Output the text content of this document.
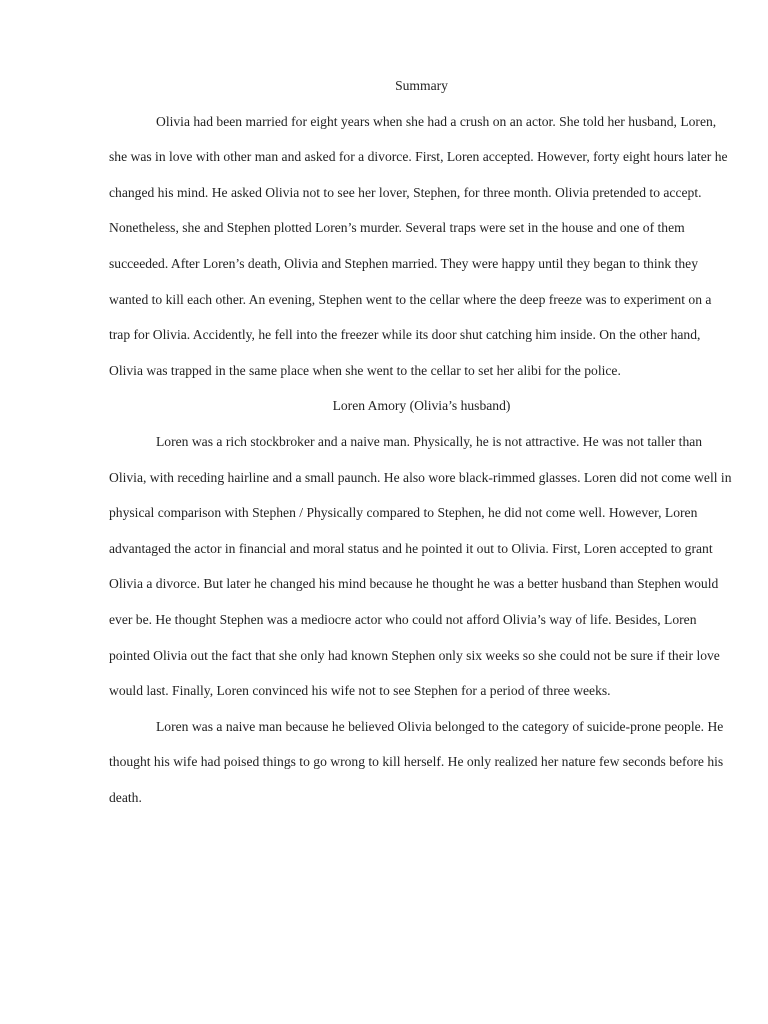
Summary

Olivia had been married for eight years when she had a crush on an actor. She told her husband, Loren, she was in love with other man and asked for a divorce. First, Loren accepted. However, forty eight hours later he changed his mind. He asked Olivia not to see her lover, Stephen, for three month. Olivia pretended to accept. Nonetheless, she and Stephen plotted Loren’s murder. Several traps were set in the house and one of them succeeded. After Loren’s death, Olivia and Stephen married. They were happy until they began to think they wanted to kill each other. An evening, Stephen went to the cellar where the deep freeze was to experiment on a trap for Olivia. Accidently, he fell into the freezer while its door shut catching him inside. On the other hand, Olivia was trapped in the same place when she went to the cellar to set her alibi for the police.

Loren Amory (Olivia’s husband)

Loren was a rich stockbroker and a naive man. Physically, he is not attractive. He was not taller than Olivia, with receding hairline and a small paunch. He also wore black-rimmed glasses. Loren did not come well in physical comparison with Stephen / Physically compared to Stephen, he did not come well. However, Loren advantaged the actor in financial and moral status and he pointed it out to Olivia. First, Loren accepted to grant Olivia a divorce. But later he changed his mind because he thought he was a better husband than Stephen would ever be. He thought Stephen was a mediocre actor who could not afford Olivia’s way of life. Besides, Loren pointed Olivia out the fact that she only had known Stephen only six weeks so she could not be sure if their love would last. Finally, Loren convinced his wife not to see Stephen for a period of three weeks.

Loren was a naive man because he believed Olivia belonged to the category of suicide-prone people. He thought his wife had poised things to go wrong to kill herself. He only realized her nature few seconds before his death.
